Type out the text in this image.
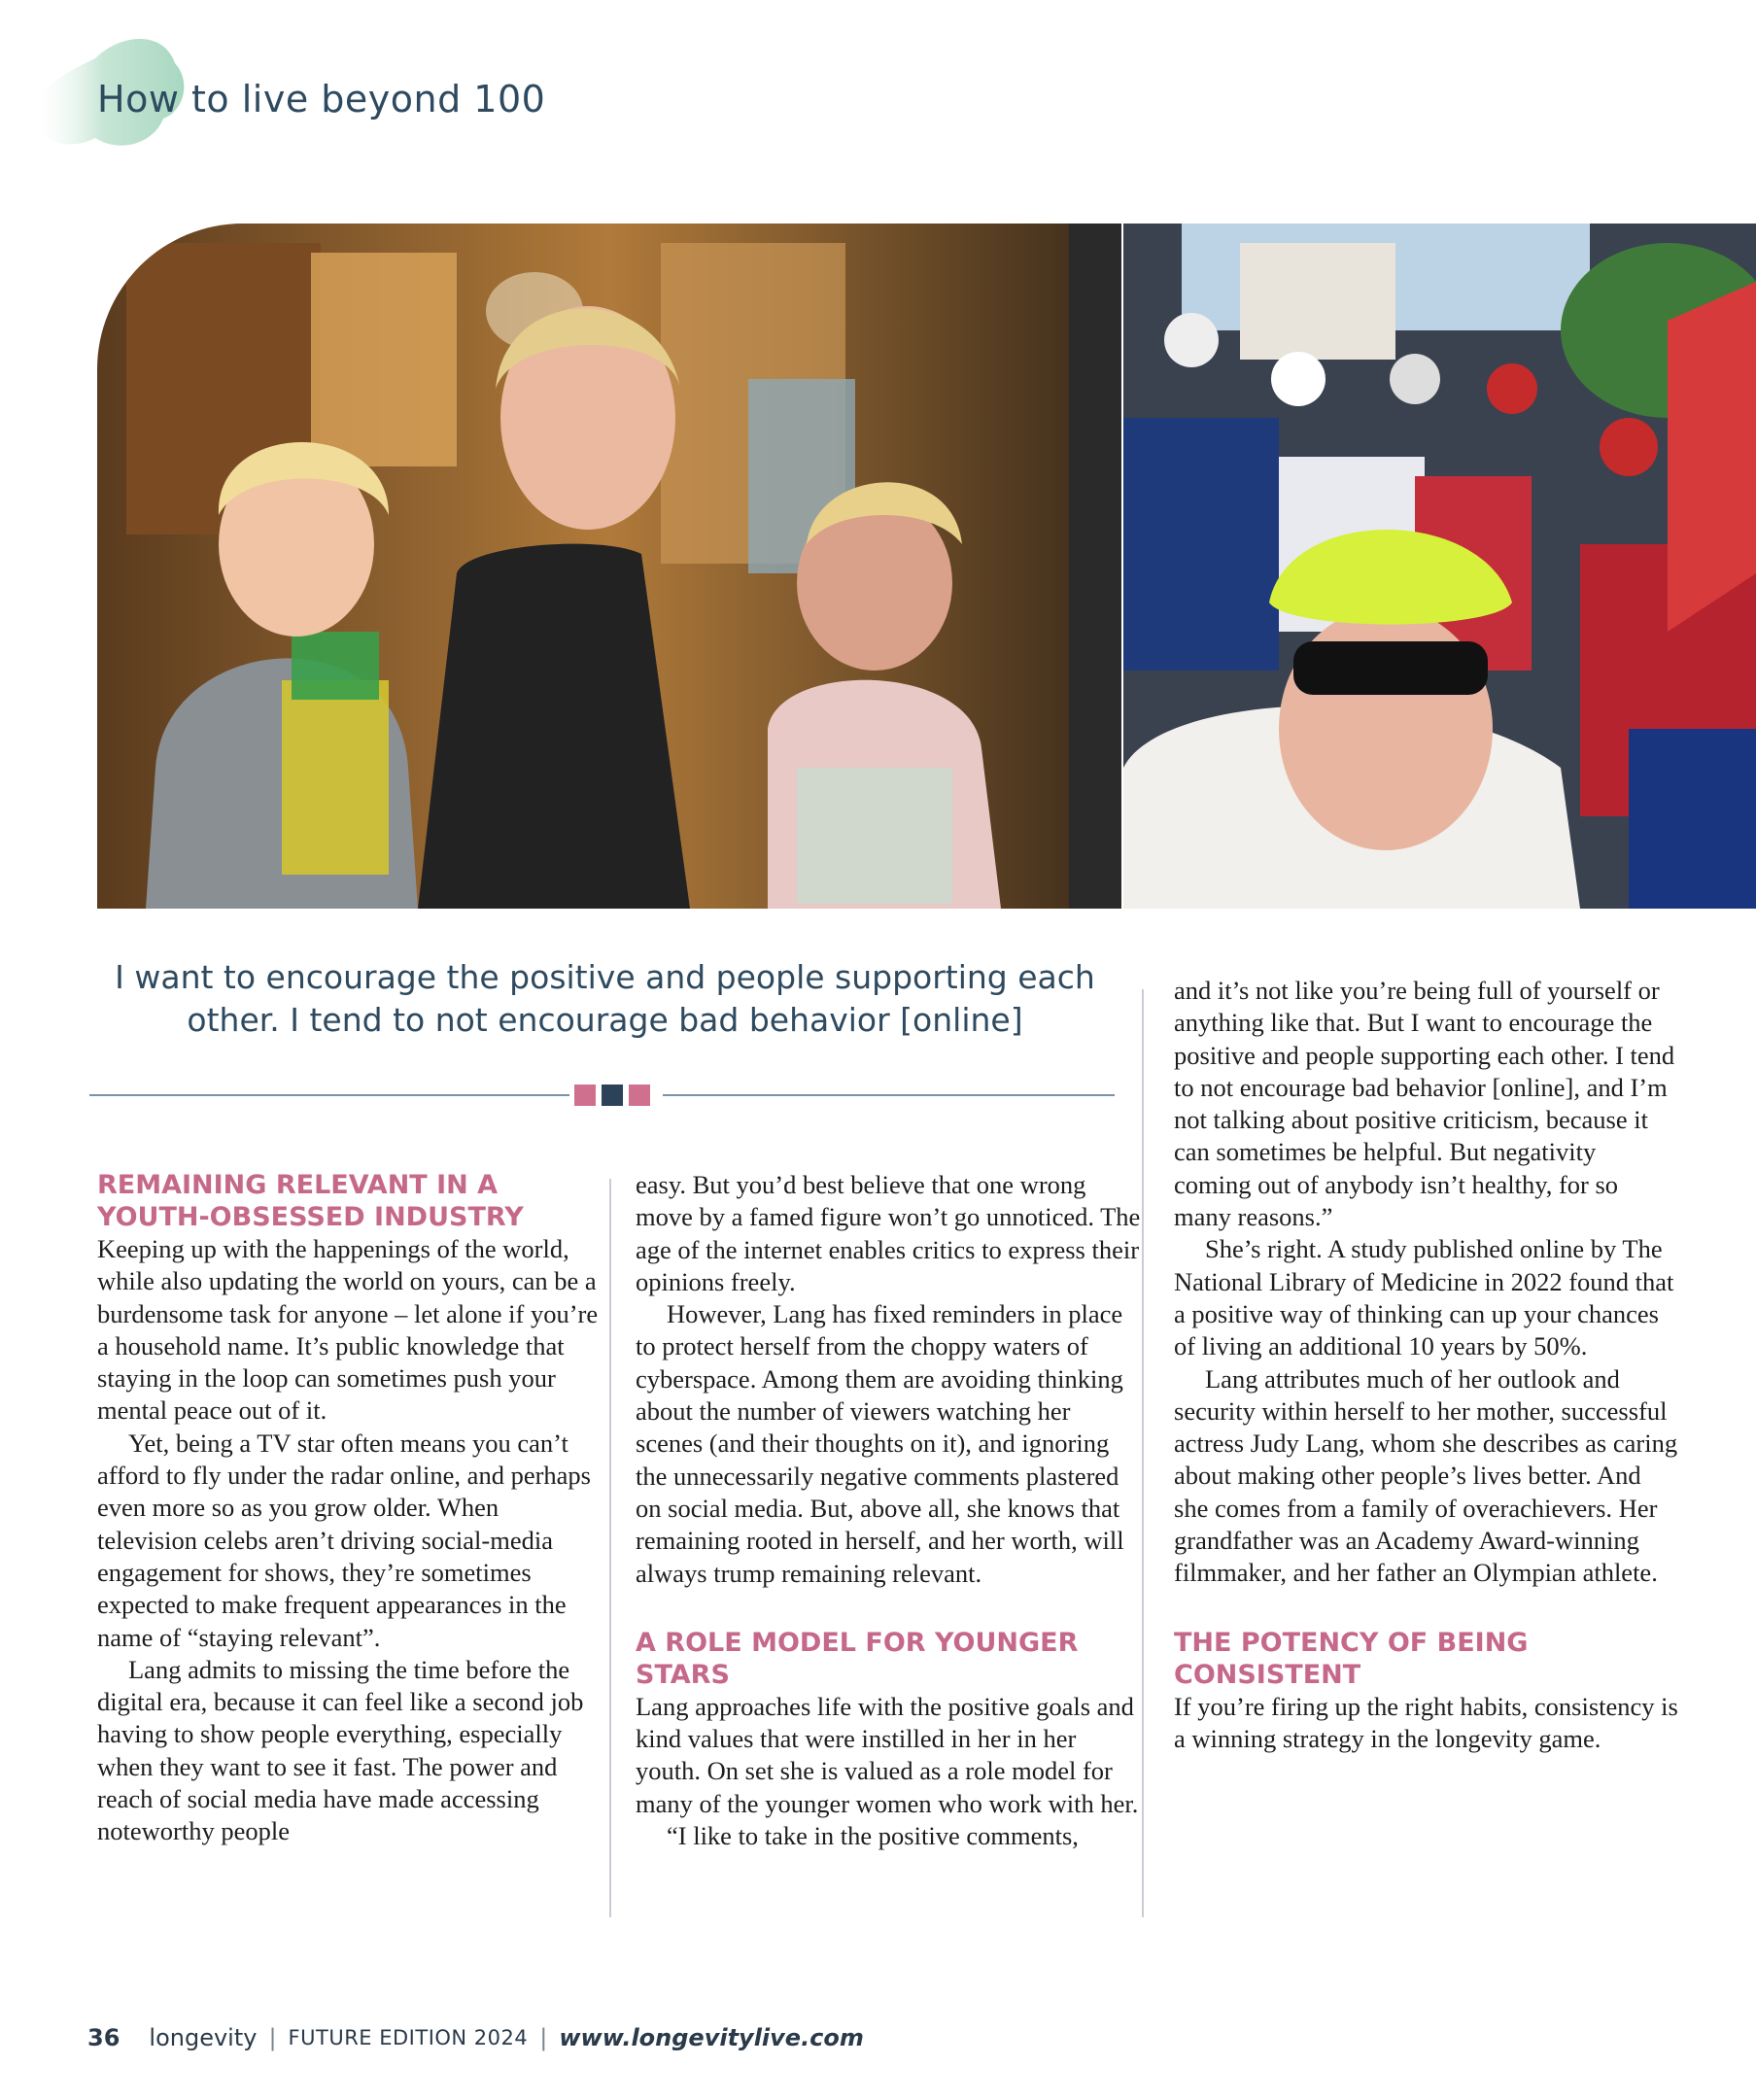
How to live beyond 100

I want to encourage the positive and people supporting each other. I tend to not encourage bad behavior [online]

REMAINING RELEVANT IN A YOUTH-OBSESSED INDUSTRY

Keeping up with the happenings of the world, while also updating the world on yours, can be a burdensome task for anyone – let alone if you’re a household name. It’s public knowledge that staying in the loop can sometimes push your mental peace out of it.

Yet, being a TV star often means you can’t afford to fly under the radar online, and perhaps even more so as you grow older. When television celebs aren’t driving social-media engagement for shows, they’re sometimes expected to make frequent appearances in the name of “staying relevant”.

Lang admits to missing the time before the digital era, because it can feel like a second job having to show people everything, especially when they want to see it fast. The power and reach of social media have made accessing noteworthy people

easy. But you’d best believe that one wrong move by a famed figure won’t go unnoticed. The age of the internet enables critics to express their opinions freely.

However, Lang has fixed reminders in place to protect herself from the choppy waters of cyberspace. Among them are avoiding thinking about the number of viewers watching her scenes (and their thoughts on it), and ignoring the unnecessarily negative comments plastered on social media. But, above all, she knows that remaining rooted in herself, and her worth, will always trump remaining relevant.

A ROLE MODEL FOR YOUNGER STARS

Lang approaches life with the positive goals and kind values that were instilled in her in her youth. On set she is valued as a role model for many of the younger women who work with her.

“I like to take in the positive comments,

and it’s not like you’re being full of yourself or anything like that. But I want to encourage the positive and people supporting each other. I tend to not encourage bad behavior [online], and I’m not talking about positive criticism, because it can sometimes be helpful. But negativity coming out of anybody isn’t healthy, for so many reasons.”

She’s right. A study published online by The National Library of Medicine in 2022 found that a positive way of thinking can up your chances of living an additional 10 years by 50%.

Lang attributes much of her outlook and security within herself to her mother, successful actress Judy Lang, whom she describes as caring about making other people’s lives better. And she comes from a family of overachievers. Her grandfather was an Academy Award-winning filmmaker, and her father an Olympian athlete.

THE POTENCY OF BEING CONSISTENT

If you’re firing up the right habits, consistency is a winning strategy in the longevity game.

36 longevity | FUTURE EDITION 2024 | www.longevitylive.com
